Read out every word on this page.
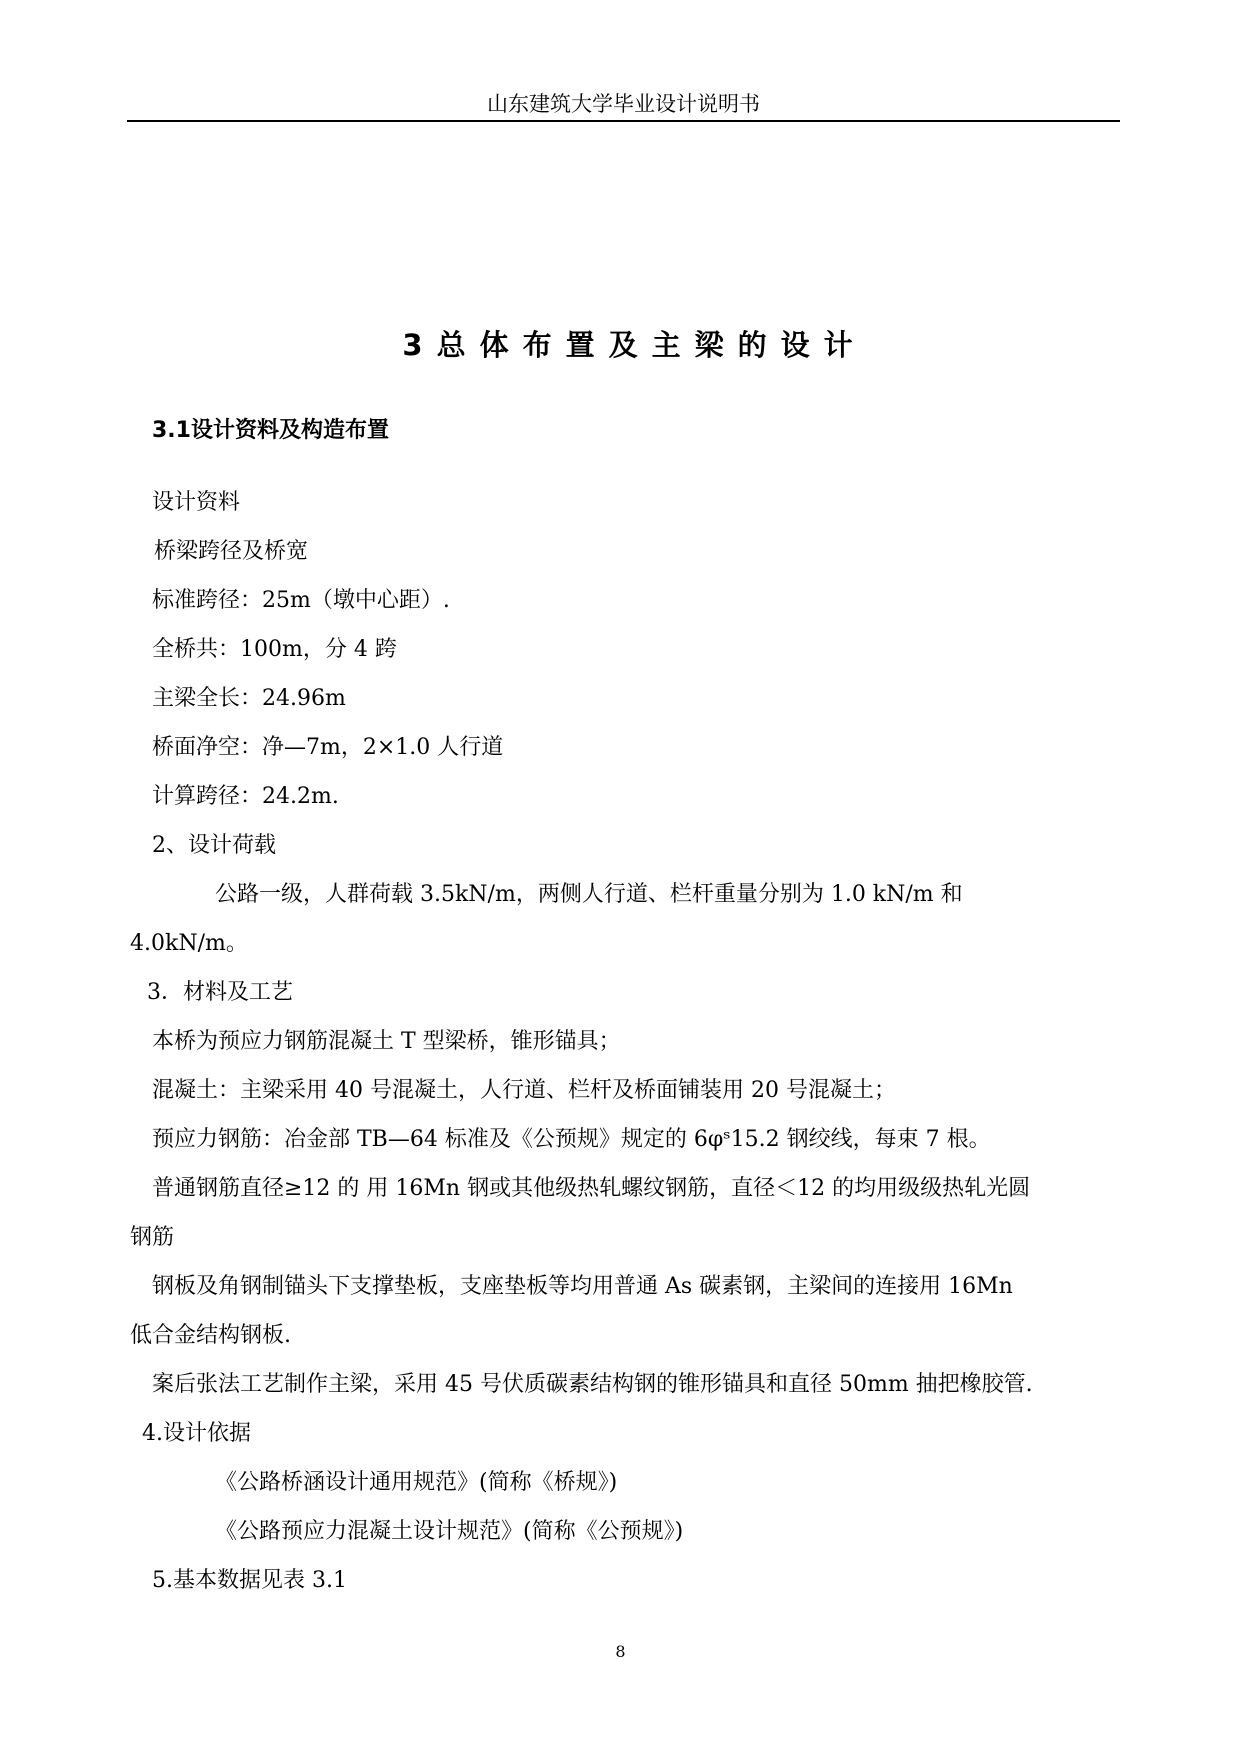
山东建筑大学毕业设计说明书
3总体布置及主梁的设计
3.1设计资料及构造布置
设计资料
桥梁跨径及桥宽
标准跨径：25m（墩中心距）.
全桥共：100m，分 4 跨
主梁全长：24.96m
桥面净空：净—7m，2×1.0 人行道
计算跨径：24.2m.
2、设计荷载
公路一级，人群荷载 3.5kN/m，两侧人行道、栏杆重量分别为 1.0 kN/m 和
4.0kN/m。
3．材料及工艺
本桥为预应力钢筋混凝土 T 型梁桥，锥形锚具；
混凝土：主梁采用 40 号混凝土，人行道、栏杆及桥面铺装用 20 号混凝土；
预应力钢筋：冶金部 TB—64 标准及《公预规》规定的 6φˢ15.2 钢绞线，每束 7 根。
普通钢筋直径≥12 的 用 16Mn 钢或其他级热轧螺纹钢筋，直径＜12 的均用级级热轧光圆
钢筋
钢板及角钢制锚头下支撑垫板，支座垫板等均用普通 As 碳素钢，主梁间的连接用 16Mn
低合金结构钢板.
案后张法工艺制作主梁，采用 45 号伏质碳素结构钢的锥形锚具和直径 50mm 抽把橡胶管.
4.设计依据
《公路桥涵设计通用规范》(简称《桥规》)
《公路预应力混凝土设计规范》(简称《公预规》)
5.基本数据见表 3.1
8
